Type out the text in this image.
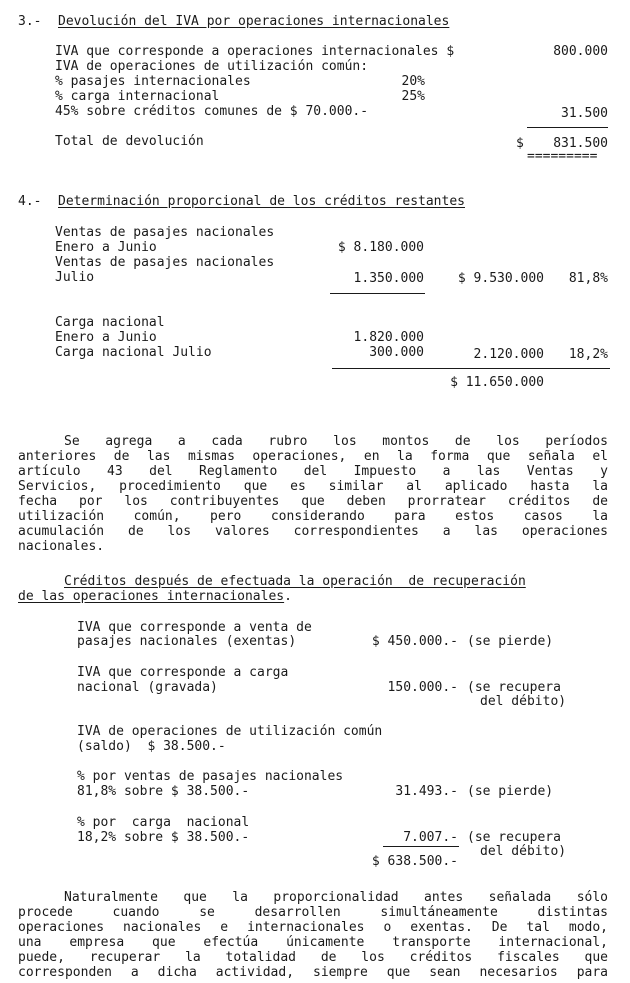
3.- Devolución del IVA por operaciones internacionales
IVA que corresponde a operaciones internacionales $	800.000
IVA de operaciones de utilización común:
% pasajes internacionales	20%
% carga internacional	25%
45% sobre créditos comunes de $ 70.000.-	31.500
Total de devolución	$ 831.500
=========
4.- Determinación proporcional de los créditos restantes
Ventas de pasajes nacionales
Enero a Junio	$ 8.180.000
Ventas de pasajes nacionales
Julio	1.350.000	$ 9.530.000 81,8%
Carga nacional
Enero a Junio	1.820.000
Carga nacional Julio	300.000	2.120.000 18,2%
$ 11.650.000
Se agrega a cada rubro los montos de los períodos
anteriores de las mismas operaciones, en la forma que señala el
artículo 43 del Reglamento del Impuesto a las Ventas y
Servicios, procedimiento que es similar al aplicado hasta la
fecha por los contribuyentes que deben prorratear créditos de
utilización común, pero considerando para estos casos la
acumulación de los valores correspondientes a las operaciones
nacionales.
Créditos después de efectuada la operación  de recuperación
de las operaciones internacionales.
IVA que corresponde a venta de
pasajes nacionales (exentas)	$ 450.000.- (se pierde)
IVA que corresponde a carga
nacional (gravada)	150.000.- (se recupera
del débito)
IVA de operaciones de utilización común
(saldo)  $ 38.500.-
% por ventas de pasajes nacionales
81,8% sobre $ 38.500.-	31.493.- (se pierde)
% por  carga  nacional
18,2% sobre $ 38.500.-	7.007.- (se recupera
del débito)
$ 638.500.-
Naturalmente que la proporcionalidad antes señalada sólo
procede cuando se desarrollen simultáneamente distintas
operaciones nacionales e internacionales o exentas. De tal modo,
una empresa que efectúa únicamente transporte internacional,
puede, recuperar la totalidad de los créditos fiscales que
corresponden a dicha actividad, siempre que sean necesarios para
